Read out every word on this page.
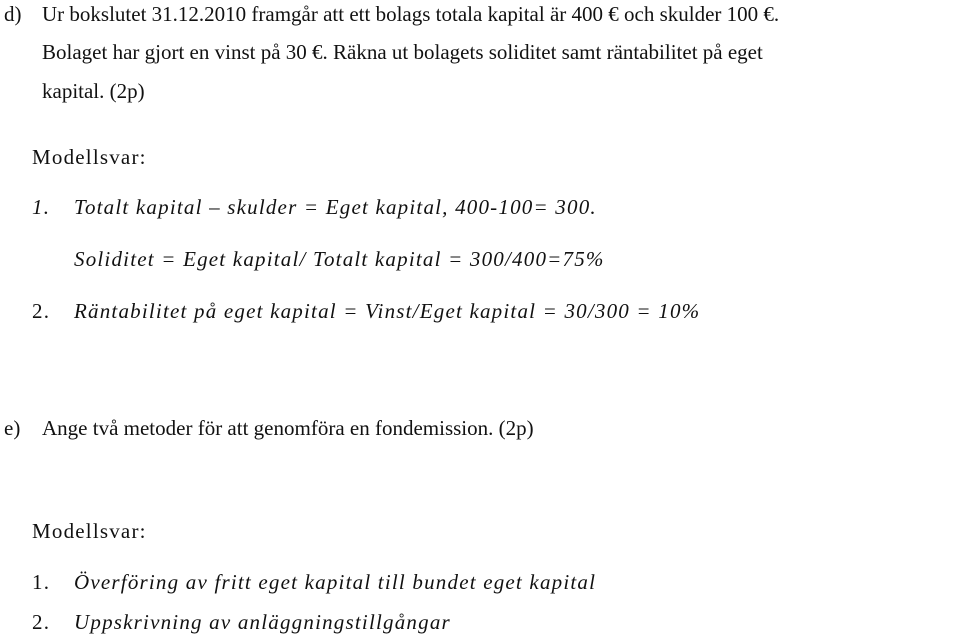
d) Ur bokslutet 31.12.2010 framgår att ett bolags totala kapital är 400 € och skulder 100 €.
Bolaget har gjort en vinst på 30 €. Räkna ut bolagets soliditet samt räntabilitet på eget
kapital. (2p)
Modellsvar:
1. Totalt kapital – skulder = Eget kapital, 400-100= 300.
Soliditet = Eget kapital/ Totalt kapital = 300/400=75%
2. Räntabilitet på eget kapital = Vinst/Eget kapital = 30/300 = 10%
e) Ange två metoder för att genomföra en fondemission. (2p)
Modellsvar:
1. Överföring av fritt eget kapital till bundet eget kapital
2. Uppskrivning av anläggningstillgångar
